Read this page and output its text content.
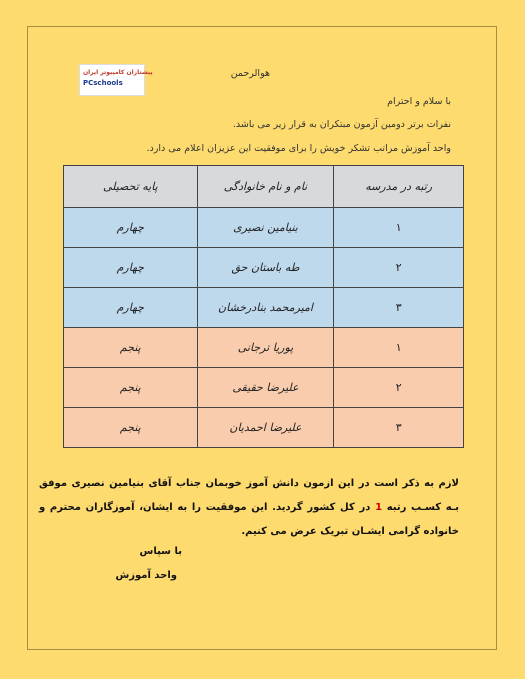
پیشتازان کامپیوتر ایران
PCschools
هوالرحمن
با سلام و احترام
نفرات برتر دومین آزمون مبتکران به قرار زیر می باشد.
واحد آموزش مراتب تشکر خویش را برای موفقیت این عزیزان اعلام می دارد.
رتبه در مدرسه	نام و نام خانوادگی	پایه تحصیلی
۱	بنیامین نصیری	چهارم
۲	طه باستان حق	چهارم
۳	امیرمحمد بنادرخشان	چهارم
۱	پوریا ترجانی	پنجم
۲	علیرضا حقیقی	پنجم
۳	علیرضا احمدیان	پنجم
لازم به ذکر است در این ازمون دانش آموز خوبمان جناب آقای بنیامین نصیری موفق بـه کسـب رتبه 1 در کل کشور گردید. این موفقیت را به ایشان، آموزگاران محترم و خانواده گرامی ایشـان تبریک عرض می کنیم.
با سپاس
واحد آموزش
